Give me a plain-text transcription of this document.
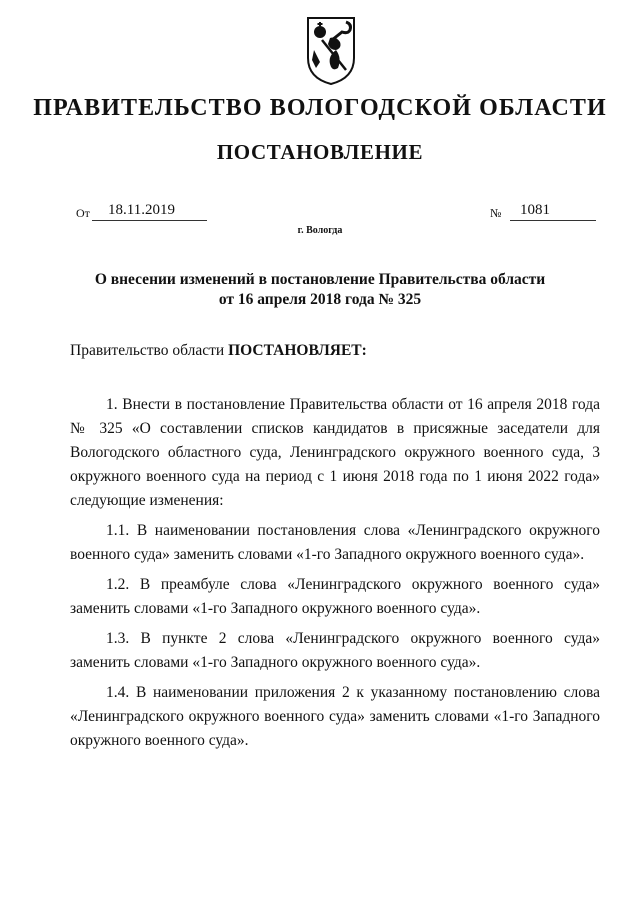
ПРАВИТЕЛЬСТВО ВОЛОГОДСКОЙ ОБЛАСТИ
ПОСТАНОВЛЕНИЕ
От 18.11.2019	№ 1081
г. Вологда
О внесении изменений в постановление Правительства области
от 16 апреля 2018 года № 325
Правительство области ПОСТАНОВЛЯЕТ:

1. Внести в постановление Правительства области от 16 апреля 2018 года № 325 «О составлении списков кандидатов в присяжные заседатели для Вологодского областного суда, Ленинградского окружного военного суда, 3 окружного военного суда на период с 1 июня 2018 года по 1 июня 2022 года» следующие изменения:

1.1. В наименовании постановления слова «Ленинградского окружного военного суда» заменить словами «1-го Западного окружного военного суда».

1.2. В преамбуле слова «Ленинградского окружного военного суда» заменить словами «1-го Западного окружного военного суда».

1.3. В пункте 2 слова «Ленинградского окружного военного суда» заменить словами «1-го Западного окружного военного суда».

1.4. В наименовании приложения 2 к указанному постановлению слова «Ленинградского окружного военного суда» заменить словами «1-го Западного окружного военного суда».
